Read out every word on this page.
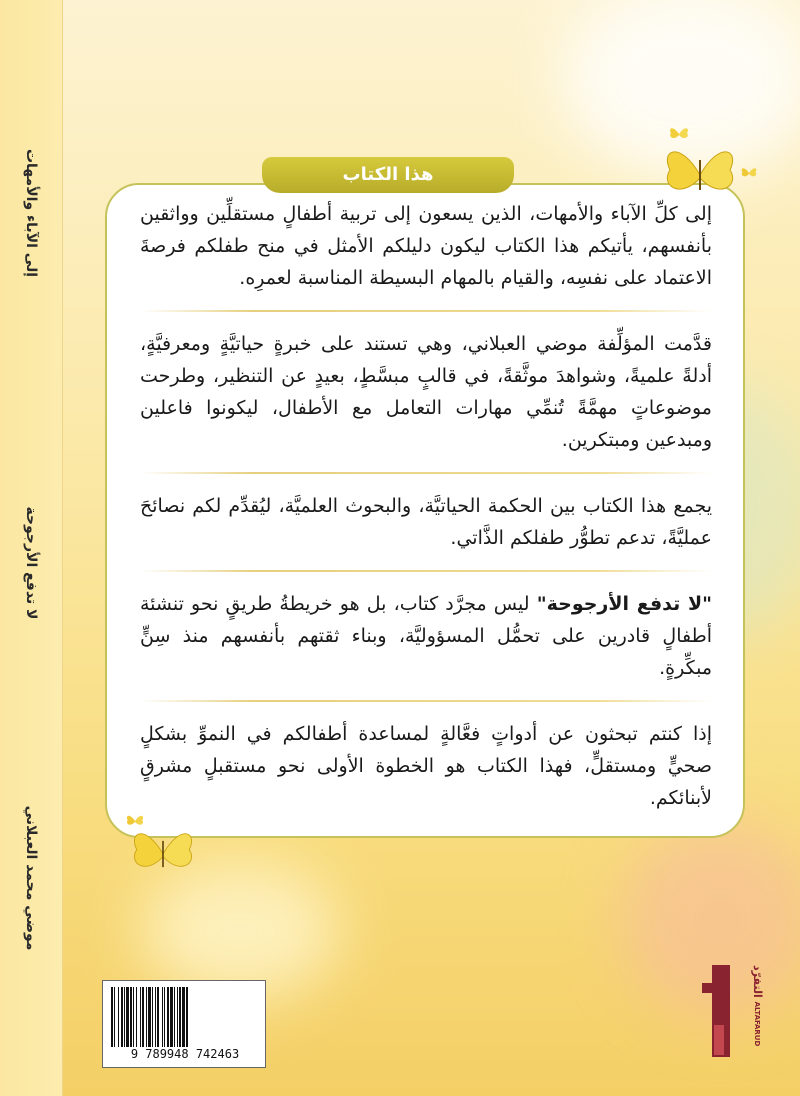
إلى الآباء والأمهات
لا تدفع الأرجوحة
موضي محمد العبلاني
هذا الكتاب

إلى كلِّ الآباء والأمهات، الذين يسعون إلى تربية أطفالٍ مستقلِّين وواثقين بأنفسهم، يأتيكم هذا الكتاب ليكون دليلكم الأمثل في منح طفلكم فرصةَ الاعتماد على نفسِه، والقيام بالمهام البسيطة المناسبة لعمرِه.

قدَّمت المؤلِّفة موضي العبلاني، وهي تستند على خبرةٍ حياتيَّةٍ ومعرفيَّةٍ، أدلةً علميةً، وشواهدَ موثَّقةً، في قالبٍ مبسَّطٍ، بعيدٍ عن التنظير، وطرحت موضوعاتٍ مهمَّةً تُنمِّي مهارات التعامل مع الأطفال، ليكونوا فاعلين ومبدعين ومبتكرين.

يجمع هذا الكتاب بين الحكمة الحياتيَّة، والبحوث العلميَّة، ليُقدِّم لكم نصائحَ عمليَّةً، تدعم تطوُّر طفلكم الذَّاتي.

"لا تدفع الأرجوحة" ليس مجرَّد كتاب، بل هو خريطةُ طريقٍ نحو تنشئة أطفالٍ قادرين على تحمُّل المسؤوليَّة، وبناء ثقتهم بأنفسهم منذ سِنٍّ مبكِّرةٍ.

إذا كنتم تبحثون عن أدواتٍ فعَّالةٍ لمساعدة أطفالكم في النموِّ بشكلٍ صحيٍّ ومستقلٍّ، فهذا الكتاب هو الخطوة الأولى نحو مستقبلٍ مشرقٍ لأبنائكم.

9 789948 742463
التفرّد ALTAFARUD
